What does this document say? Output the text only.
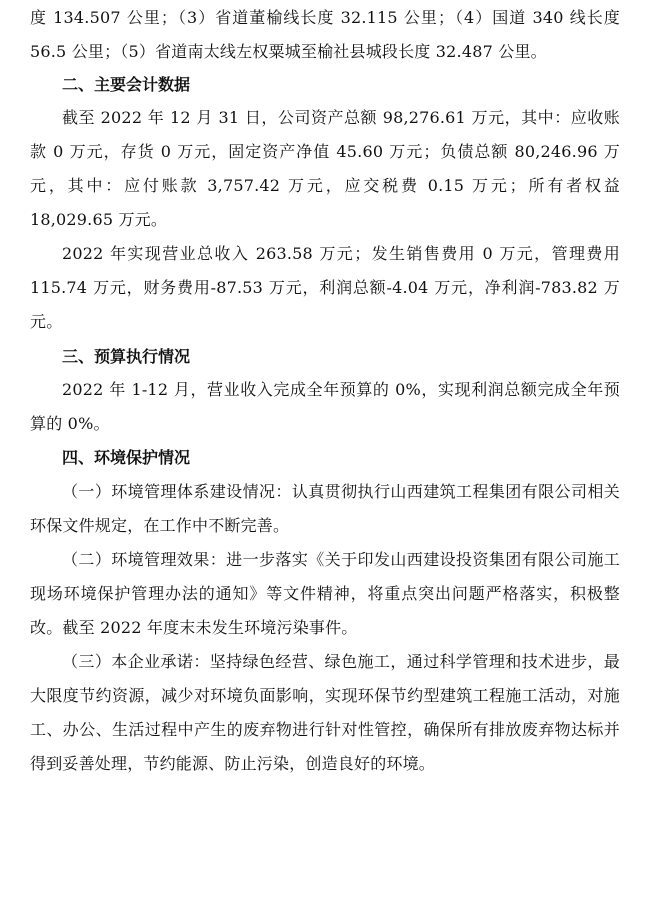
度 134.507 公里；（3）省道董榆线长度 32.115 公里；（4）国道 340 线长度 56.5 公里；（5）省道南太线左权粟城至榆社县城段长度 32.487 公里。

二、主要会计数据

截至 2022 年 12 月 31 日，公司资产总额 98,276.61 万元，其中：应收账款 0 万元，存货 0 万元，固定资产净值 45.60 万元；负债总额 80,246.96 万元，其中：应付账款 3,757.42 万元，应交税费 0.15 万元；所有者权益 18,029.65 万元。

2022 年实现营业总收入 263.58 万元；发生销售费用 0 万元，管理费用 115.74 万元，财务费用-87.53 万元，利润总额-4.04 万元，净利润-783.82 万元。

三、预算执行情况

2022 年 1-12 月，营业收入完成全年预算的 0%，实现利润总额完成全年预算的 0%。

四、环境保护情况

（一）环境管理体系建设情况：认真贯彻执行山西建筑工程集团有限公司相关环保文件规定，在工作中不断完善。

（二）环境管理效果：进一步落实《关于印发山西建设投资集团有限公司施工现场环境保护管理办法的通知》等文件精神，将重点突出问题严格落实，积极整改。截至 2022 年度末未发生环境污染事件。

（三）本企业承诺：坚持绿色经营、绿色施工，通过科学管理和技术进步，最大限度节约资源，减少对环境负面影响，实现环保节约型建筑工程施工活动，对施工、办公、生活过程中产生的废弃物进行针对性管控，确保所有排放废弃物达标并得到妥善处理，节约能源、防止污染，创造良好的环境。
